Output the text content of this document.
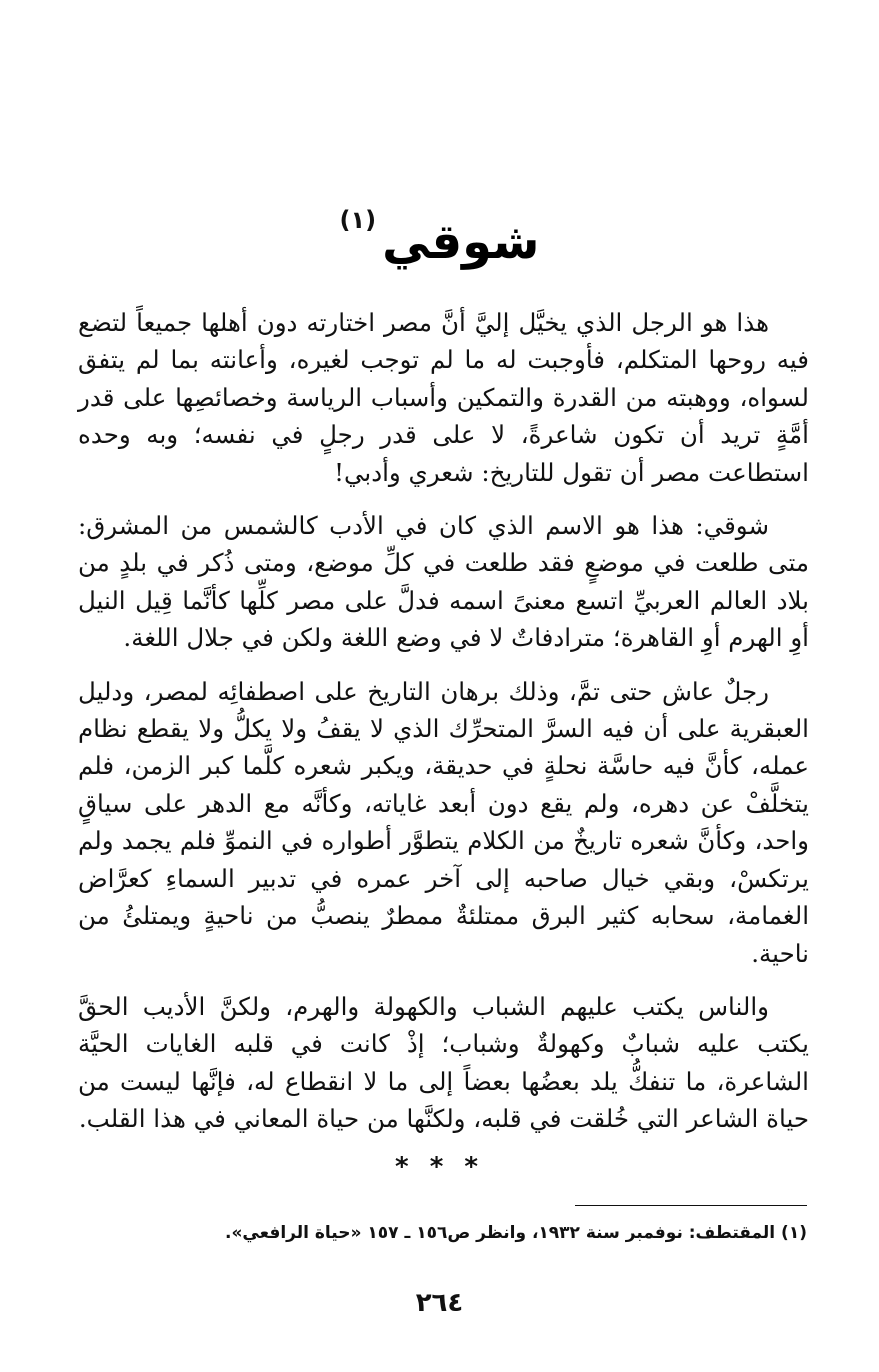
شوقي(١)

هذا هو الرجل الذي يخيَّل إليَّ أنَّ مصر اختارته دون أهلها جميعاً لتضع فيه روحها المتكلم، فأوجبت له ما لم توجب لغيره، وأعانته بما لم يتفق لسواه، ووهبته من القدرة والتمكين وأسباب الرياسة وخصائصِها على قدر أمَّةٍ تريد أن تكون شاعرةً، لا على قدر رجلٍ في نفسه؛ وبه وحده استطاعت مصر أن تقول للتاريخ: شعري وأدبي!

شوقي: هذا هو الاسم الذي كان في الأدب كالشمس من المشرق: متى طلعت في موضعٍ فقد طلعت في كلِّ موضع، ومتى ذُكر في بلدٍ من بلاد العالم العربيِّ اتسع معنىً اسمه فدلَّ على مصر كلِّها كأنَّما قِيل النيل أوِ الهرم أوِ القاهرة؛ مترادفاتٌ لا في وضع اللغة ولكن في جلال اللغة.

رجلٌ عاش حتى تمَّ، وذلك برهان التاريخ على اصطفائِه لمصر، ودليل العبقرية على أن فيه السرَّ المتحرِّك الذي لا يقفُ ولا يكلُّ ولا يقطع نظام عمله، كأنَّ فيه حاسَّة نحلةٍ في حديقة، ويكبر شعره كلَّما كبر الزمن، فلم يتخلَّفْ عن دهره، ولم يقع دون أبعد غاياته، وكأنَّه مع الدهر على سياقٍ واحد، وكأنَّ شعره تاريخٌ من الكلام يتطوَّر أطواره في النموِّ فلم يجمد ولم يرتكسْ، وبقي خيال صاحبه إلى آخر عمره في تدبير السماءِ كعرَّاض الغمامة، سحابه كثير البرق ممتلئةٌ ممطرٌ ينصبُّ من ناحيةٍ ويمتلئُ من ناحية.

والناس يكتب عليهم الشباب والكهولة والهرم، ولكنَّ الأديب الحقَّ يكتب عليه شبابٌ وكهولةٌ وشباب؛ إذْ كانت في قلبه الغايات الحيَّة الشاعرة، ما تنفكُّ يلد بعضُها بعضاً إلى ما لا انقطاع له، فإنَّها ليست من حياة الشاعر التي خُلقت في قلبه، ولكنَّها من حياة المعاني في هذا القلب.

* * *
(١) المقتطف: نوفمبر سنة ١٩٣٢، وانظر ص١٥٦ ـ ١٥٧ «حياة الرافعي».
٢٦٤
